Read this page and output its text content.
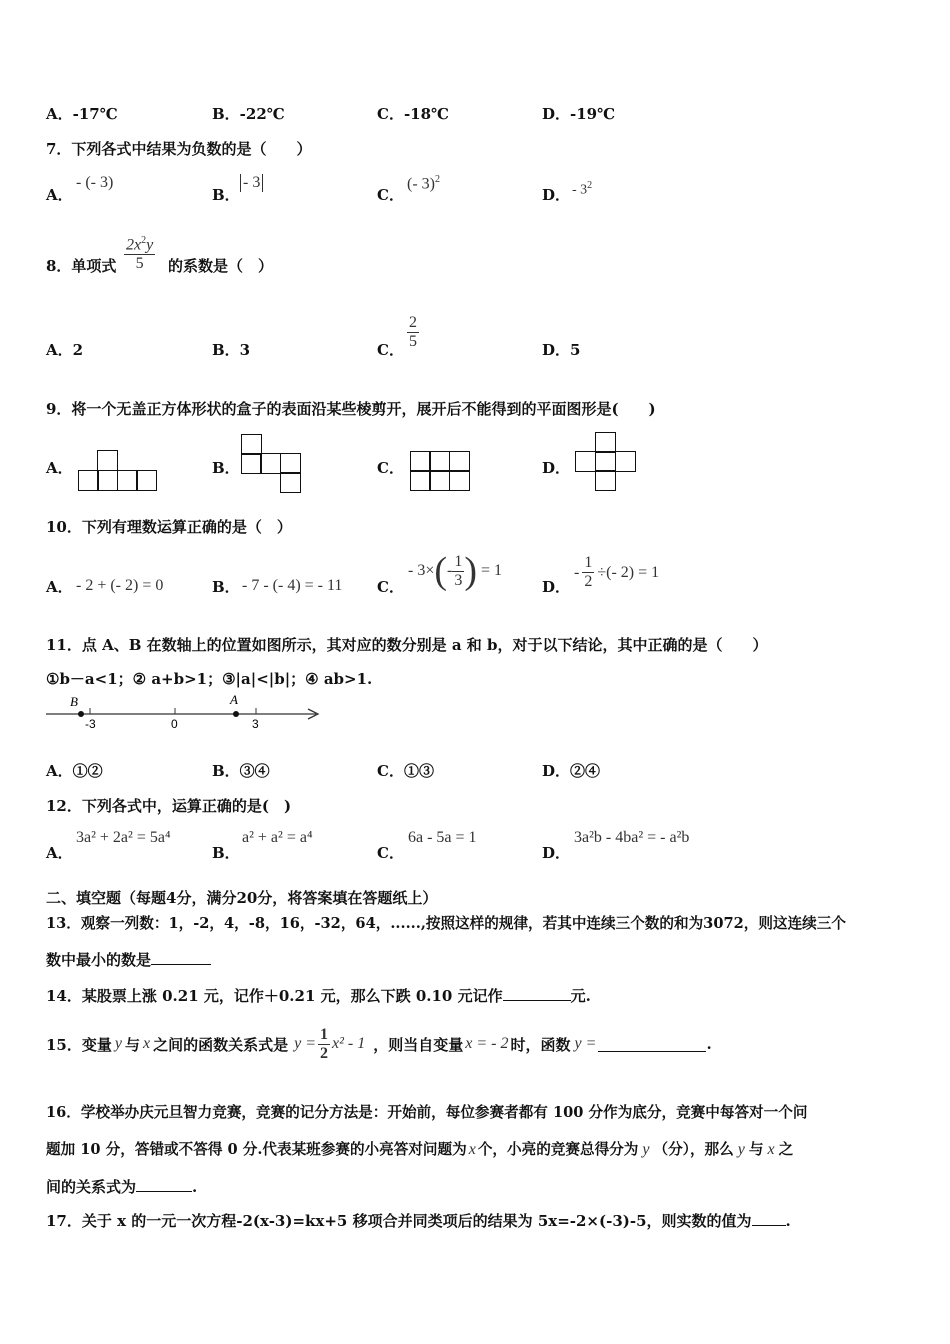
A．-17℃	B．-22℃	C．-18℃	D．-19℃
7．下列各式中结果为负数的是（　　）
A．
- (- 3)
B．
- 3
C．
(- 3)$^2$
D． - $3^2$
8．单项式 $\frac{2x^2y}{5}$ 的系数是（　）
A．2	B．3	C． $\frac{2}{5}$	D．5
9．将一个无盖正方体形状的盒子的表面沿某些棱剪开，展开后不能得到的平面图形是(　　)
A．	B．	C．	D．
10．下列有理数运算正确的是（　）
A． - 2 + (- 2) = 0	B． - 7 - (- 4) = - 11 C．
- 3× ( - $\frac{1}{3}$ ) = 1
D．
- $\frac{1}{2}$ ÷(- 2) = 1
11．点 A、B 在数轴上的位置如图所示，其对应的数分别是 a 和 b，对于以下结论，其中正确的是（　　）
①b－a<1；② a+b>1；③|a|<|b|；④ ab>1.
B	A
-3	0	3
A．①②	B．③④	C．①③	D．②④
12．下列各式中，运算正确的是(　)
A．
3a² + 2a² = 5a⁴
B．
a² + a² = a⁴
C．
6a - 5a = 1
D．
3a²b - 4ba² = - a²b
二、填空题（每题4分，满分20分，将答案填在答题纸上）
13．观察一列数：1，-2，4，-8，16，-32，64，......,按照这样的规律，若其中连续三个数的和为3072，则这连续三个
数中最小的数是
14．某股票上涨 0.21 元，记作＋0.21 元，那么下跌 0.10 元记作	元.
15．变量 y 与 x 之间的函数关系式是 $y = \frac{1}{2} x^2 - 1$ ，则当自变量 x = - 2 时，函数 y =	.
16．学校举办庆元旦智力竞赛，竞赛的记分方法是：开始前，每位参赛者都有 100 分作为底分，竞赛中每答对一个问
题加 10 分，答错或不答得 0 分.代表某班参赛的小亮答对问题为 x 个，小亮的竞赛总得分为 y （分），那么 y 与 x 之
间的关系式为	.
17．关于 x 的一元一次方程-2(x-3)=kx+5 移项合并同类项后的结果为 5x=-2×(-3)-5，则实数的值为 .
